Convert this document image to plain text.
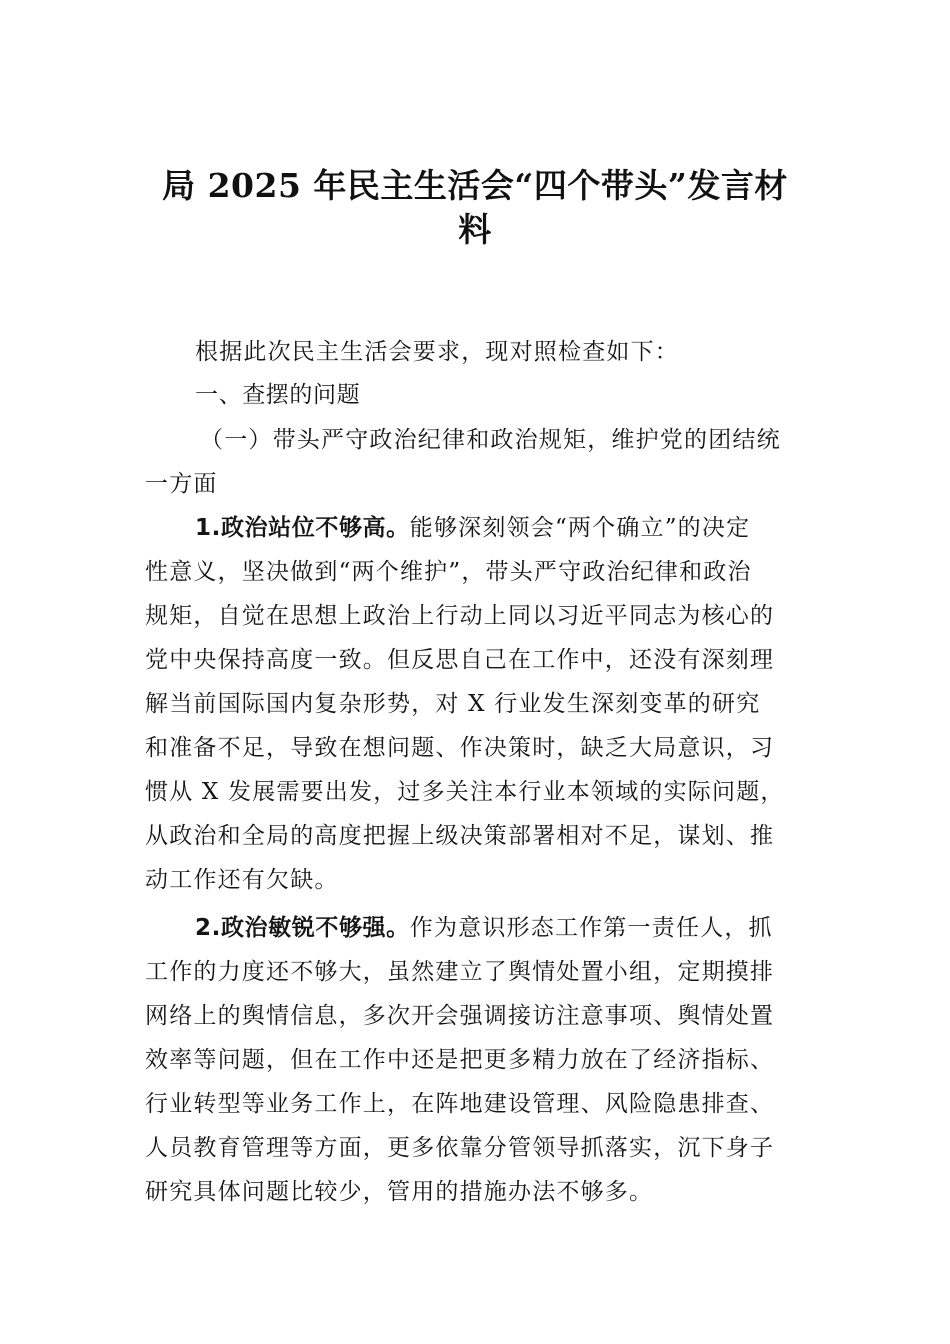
局 2025 年民主生活会“四个带头”发言材
料
根据此次民主生活会要求，现对照检查如下：
一、查摆的问题
（一）带头严守政治纪律和政治规矩，维护党的团结统
一方面
1.政治站位不够高。能够深刻领会“两个确立”的决定
性意义，坚决做到“两个维护”，带头严守政治纪律和政治
规矩，自觉在思想上政治上行动上同以习近平同志为核心的
党中央保持高度一致。但反思自己在工作中，还没有深刻理
解当前国际国内复杂形势，对 X 行业发生深刻变革的研究
和准备不足，导致在想问题、作决策时，缺乏大局意识，习
惯从 X 发展需要出发，过多关注本行业本领域的实际问题，
从政治和全局的高度把握上级决策部署相对不足，谋划、推
动工作还有欠缺。
2.政治敏锐不够强。作为意识形态工作第一责任人，抓
工作的力度还不够大，虽然建立了舆情处置小组，定期摸排
网络上的舆情信息，多次开会强调接访注意事项、舆情处置
效率等问题，但在工作中还是把更多精力放在了经济指标、
行业转型等业务工作上，在阵地建设管理、风险隐患排查、
人员教育管理等方面，更多依靠分管领导抓落实，沉下身子
研究具体问题比较少，管用的措施办法不够多。
